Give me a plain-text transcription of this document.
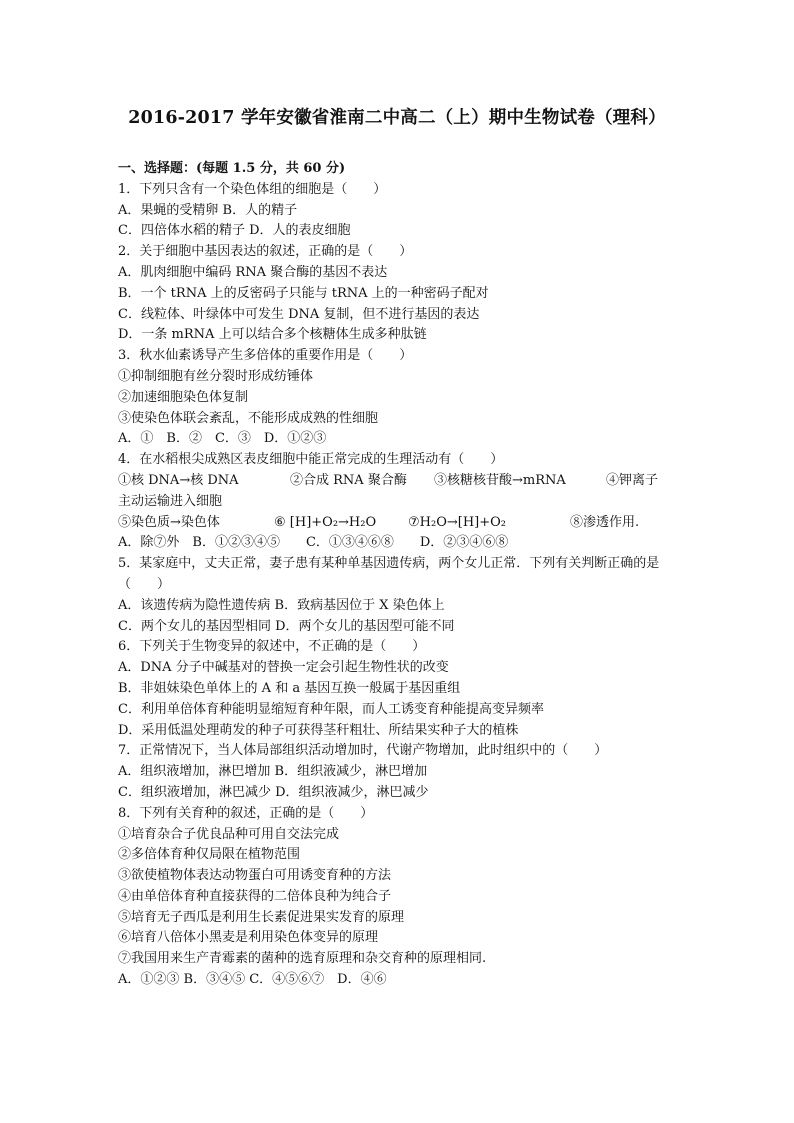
2016-2017 学年安徽省淮南二中高二（上）期中生物试卷（理科）
一、选择题：(每题 1.5 分，共 60 分)
1．下列只含有一个染色体组的细胞是（　　）
A．果蝇的受精卵 B．人的精子
C．四倍体水稻的精子 D．人的表皮细胞
2．关于细胞中基因表达的叙述，正确的是（　　）
A．肌肉细胞中编码 RNA 聚合酶的基因不表达
B．一个 tRNA 上的反密码子只能与 tRNA 上的一种密码子配对
C．线粒体、叶绿体中可发生 DNA 复制，但不进行基因的表达
D．一条 mRNA 上可以结合多个核糖体生成多种肽链
3．秋水仙素诱导产生多倍体的重要作用是（　　）
①抑制细胞有丝分裂时形成纺锤体
②加速细胞染色体复制
③使染色体联会紊乱，不能形成成熟的性细胞
A．①　B．②　C．③　D．①②③
4．在水稻根尖成熟区表皮细胞中能正常完成的生理活动有（　　）
①核 DNA→核 DNA	②合成 RNA 聚合酶	③核糖核苷酸→mRNA	④钾离子
主动运输进入细胞
⑤染色质→染色体	⑥ [H]+O₂→H₂O	⑦H₂O→[H]+O₂	⑧渗透作用.
A．除⑦外　B．①②③④⑤　　C．①③④⑥⑧　　D．②③④⑥⑧
5．某家庭中，丈夫正常，妻子患有某种单基因遗传病，两个女儿正常．下列有关判断正确的是（　　）
A．该遗传病为隐性遗传病 B．致病基因位于 X 染色体上
C．两个女儿的基因型相同 D．两个女儿的基因型可能不同
6．下列关于生物变异的叙述中，不正确的是（　　）
A．DNA 分子中碱基对的替换一定会引起生物性状的改变
B．非姐妹染色单体上的 A 和 a 基因互换一般属于基因重组
C．利用单倍体育种能明显缩短育种年限，而人工诱变育种能提高变异频率
D．采用低温处理萌发的种子可获得茎秆粗壮、所结果实种子大的植株
7．正常情况下，当人体局部组织活动增加时，代谢产物增加，此时组织中的（　　）
A．组织液增加，淋巴增加 B．组织液减少，淋巴增加
C．组织液增加，淋巴减少 D．组织液减少，淋巴减少
8．下列有关育种的叙述，正确的是（　　）
①培育杂合子优良品种可用自交法完成
②多倍体育种仅局限在植物范围
③欲使植物体表达动物蛋白可用诱变育种的方法
④由单倍体育种直接获得的二倍体良种为纯合子
⑤培育无子西瓜是利用生长素促进果实发育的原理
⑥培育八倍体小黑麦是利用染色体变异的原理
⑦我国用来生产青霉素的菌种的选育原理和杂交育种的原理相同.
A．①②③ B．③④⑤ C．④⑤⑥⑦　D．④⑥
